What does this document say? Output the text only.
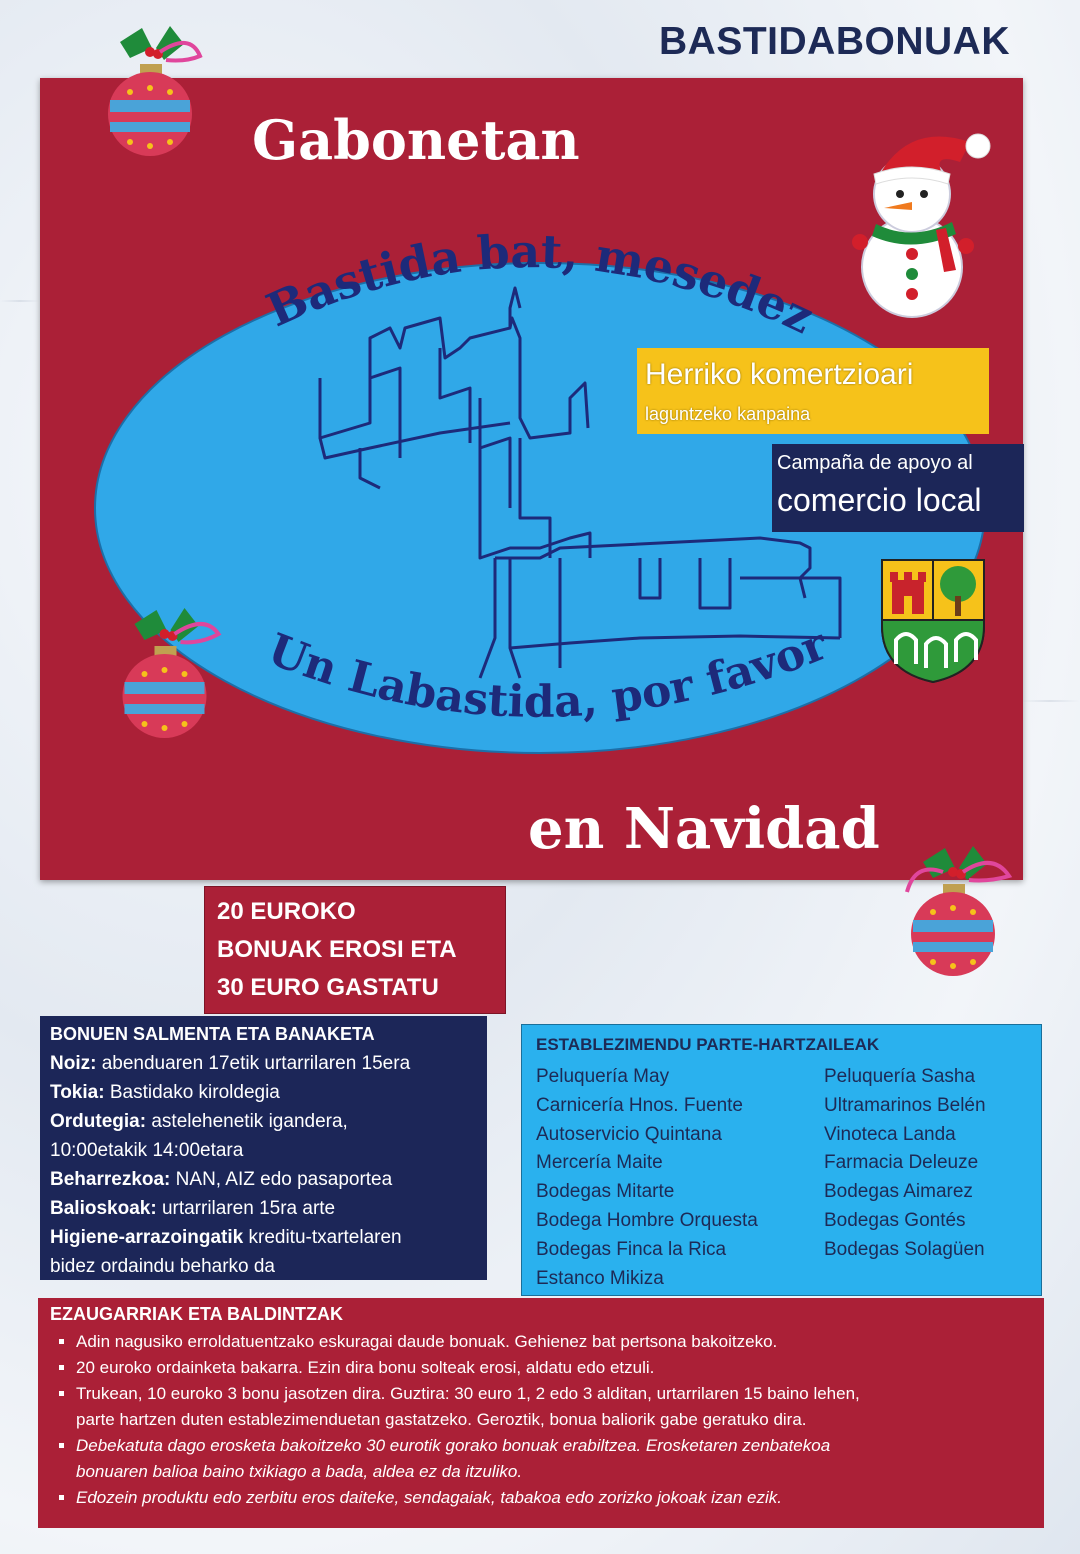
BASTIDABONUAK
Bastida bat, mesedez
Un Labastida, por favor
Gabonetan
en Navidad
Herriko komertzioari
laguntzeko kanpaina
Campaña de apoyo al
comercio local
20 EUROKO
BONUAK EROSI ETA
30 EURO GASTATU
BONUEN SALMENTA ETA BANAKETA
Noiz: abenduaren 17etik urtarrilaren 15era
Tokia: Bastidako kiroldegia
Ordutegia: astelehenetik igandera,
10:00etakik 14:00etara
Beharrezkoa: NAN, AIZ edo pasaportea
Balioskoak: urtarrilaren 15ra arte
Higiene-arrazoingatik kreditu-txartelaren
bidez ordaindu beharko da
ESTABLEZIMENDU PARTE-HARTZAILEAK
Peluquería May
Carnicería Hnos. Fuente
Autoservicio Quintana
Mercería Maite
Bodegas Mitarte
Bodega Hombre Orquesta
Bodegas Finca la Rica
Estanco Mikiza
Peluquería Sasha
Ultramarinos Belén
Vinoteca Landa
Farmacia Deleuze
Bodegas Aimarez
Bodegas Gontés
Bodegas Solagüen
EZAUGARRIAK ETA BALDINTZAK
▪ Adin nagusiko erroldatuentzako eskuragai daude bonuak. Gehienez bat pertsona bakoitzeko.
▪ 20 euroko ordainketa bakarra. Ezin dira bonu solteak erosi, aldatu edo etzuli.
▪ Trukean, 10 euroko 3 bonu jasotzen dira. Guztira: 30 euro 1, 2 edo 3 alditan, urtarrilaren 15 baino lehen,
parte hartzen duten establezimenduetan gastatzeko. Geroztik, bonua baliorik gabe geratuko dira.
▪ Debekatuta dago erosketa bakoitzeko 30 eurotik gorako bonuak erabiltzea. Erosketaren zenbatekoa
bonuaren balioa baino txikiago a bada, aldea ez da itzuliko.
▪ Edozein produktu edo zerbitu eros daiteke, sendagaiak, tabakoa edo zorizko jokoak izan ezik.
